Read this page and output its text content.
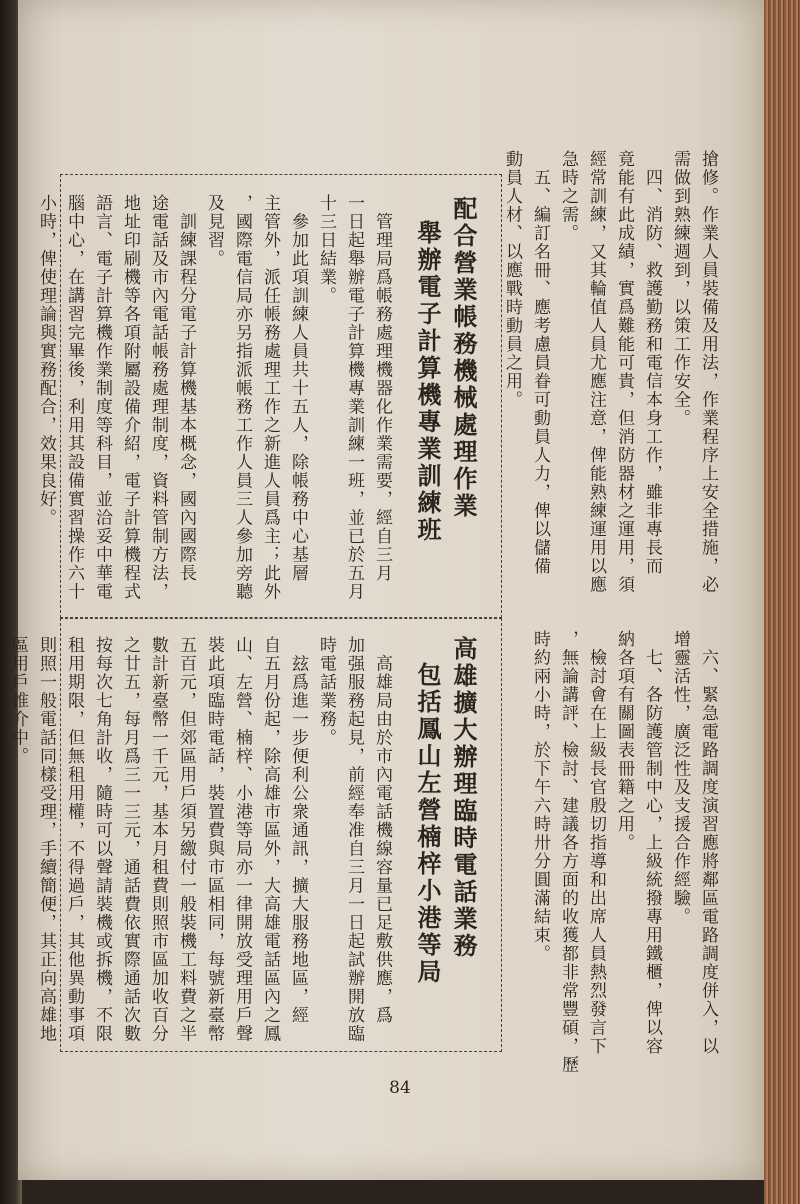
搶修。作業人員裝備及用法，作業程序上安全措施，必
需做到熟練週到，以策工作安全。
　四、消防、救護勤務和電信本身工作，雖非專長而
竟能有此成績，實爲難能可貴，但消防器材之運用，須
經常訓練，又其輪值人員尤應注意，俾能熟練運用以應
急時之需。
　五、編訂名冊、應考慮員眷可動員人力，俾以儲備
動員人材、以應戰時動員之用。
　六、緊急電路調度演習應將鄰區電路調度併入，以
增靈活性，廣泛性及支援合作經驗。
　七、各防護管制中心，上級統撥專用鐵櫃，俾以容
納各項有關圖表冊籍之用。
　檢討會在上級長官殷切指導和出席人員熱烈發言下
，無論講評、檢討、建議各方面的收獲都非常豐碩，歷
時約兩小時，於下午六時卅分圓滿結束。
配合營業帳務機械處理作業
舉辦電子計算機專業訓練班
　管理局爲帳務處理機器化作業需要，經自三月
一日起舉辦電子計算機專業訓練一班，並已於五月
十三日結業。
　參加此項訓練人員共十五人，除帳務中心基層
主管外，派任帳務處理工作之新進人員爲主；此外
，國際電信局亦另指派帳務工作人員三人參加旁聽
及見習。
　訓練課程分電子計算機基本概念，國內國際長
途電話及市內電話帳務處理制度，資料管制方法，
地址印刷機等各項附屬設備介紹，電子計算機程式
語言、電子計算機作業制度等科目，並洽妥中華電
腦中心，在講習完畢後，利用其設備實習操作六十
小時，俾使理論與實務配合，效果良好。
高雄擴大辦理臨時電話業務
包括鳳山左營楠梓小港等局
　高雄局由於市內電話機線容量已足敷供應，爲
加强服務起見，前經奉准自三月一日起試辦開放臨
時電話業務。
　玆爲進一步便利公衆通訊，擴大服務地區，經
自五月份起，除高雄市區外，大高雄電話區內之鳳
山、左營、楠梓、小港等局亦一律開放受理用戶聲
裝此項臨時電話，裝置費與市區相同，每號新臺幣
五百元，但郊區用戶須另繳付一般裝機工料費之半
數計新臺幣一千元，基本月租費則照市區加收百分
之廿五，每月爲三一三元，通話費依實際通話次數
按每次七角計收，隨時可以聲請裝機或拆機，不限
租用期限，但無租用權，不得過戶，其他異動事項
則照一般電話同樣受理，手續簡便，其正向高雄地
區用戶推介中。
84
